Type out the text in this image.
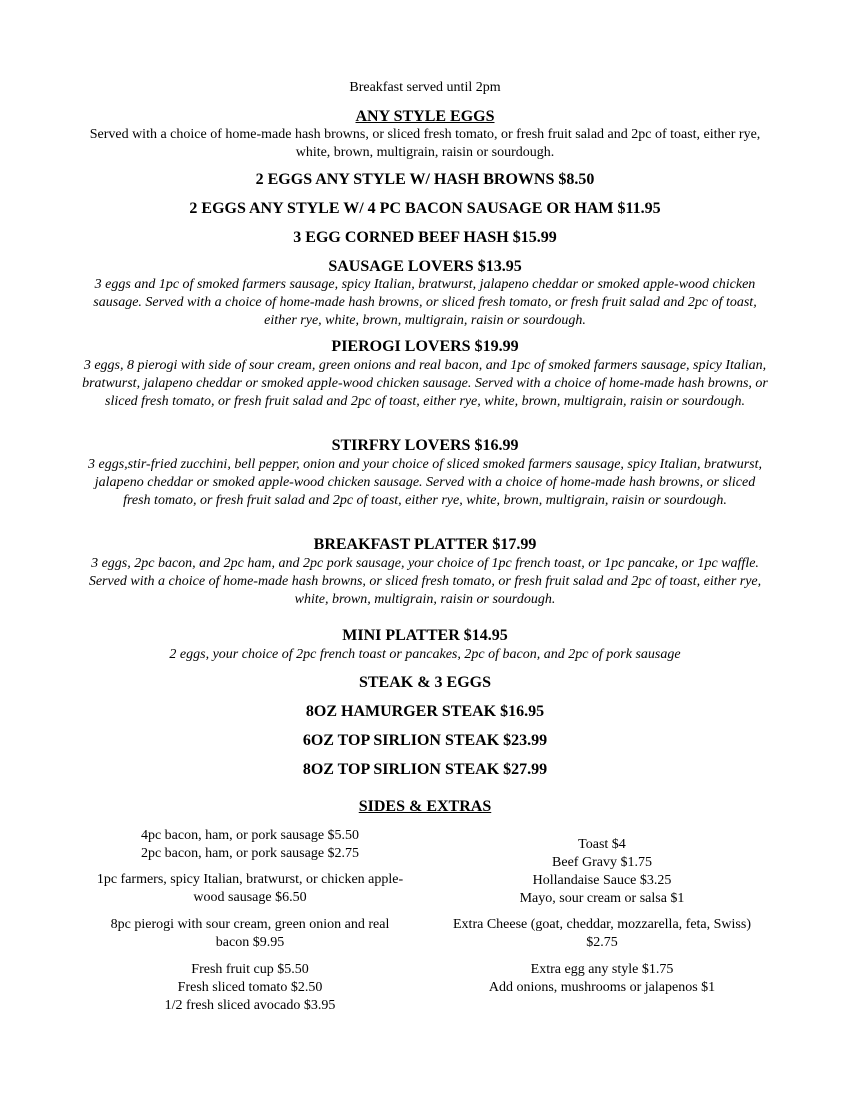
Breakfast served until 2pm
ANY STYLE EGGS
Served with a choice of home-made hash browns, or sliced fresh tomato, or fresh fruit salad and 2pc of toast, either rye, white, brown, multigrain, raisin or sourdough.
2 EGGS ANY STYLE W/ HASH BROWNS $8.50
2 EGGS ANY STYLE W/ 4 PC BACON SAUSAGE OR HAM $11.95
3 EGG CORNED BEEF HASH $15.99
SAUSAGE LOVERS $13.95
3 eggs and 1pc of smoked farmers sausage, spicy Italian, bratwurst, jalapeno cheddar or smoked apple-wood chicken sausage. Served with a choice of home-made hash browns, or sliced fresh tomato, or fresh fruit salad and 2pc of toast, either rye, white, brown, multigrain, raisin or sourdough.
PIEROGI LOVERS $19.99
3 eggs, 8 pierogi with side of sour cream, green onions and real bacon, and 1pc of smoked farmers sausage, spicy Italian, bratwurst, jalapeno cheddar or smoked apple-wood chicken sausage. Served with a choice of home-made hash browns, or sliced fresh tomato, or fresh fruit salad and 2pc of toast, either rye, white, brown, multigrain, raisin or sourdough.
STIRFRY LOVERS $16.99
3 eggs,stir-fried zucchini, bell pepper, onion and your choice of sliced smoked farmers sausage, spicy Italian, bratwurst, jalapeno cheddar or smoked apple-wood chicken sausage. Served with a choice of home-made hash browns, or sliced fresh tomato, or fresh fruit salad and 2pc of toast, either rye, white, brown, multigrain, raisin or sourdough.
BREAKFAST PLATTER $17.99
3 eggs, 2pc bacon, and 2pc ham, and 2pc pork sausage, your choice of 1pc french toast, or 1pc pancake, or 1pc waffle. Served with a choice of home-made hash browns, or sliced fresh tomato, or fresh fruit salad and 2pc of toast, either rye, white, brown, multigrain, raisin or sourdough.
MINI PLATTER $14.95
2 eggs, your choice of 2pc french toast or pancakes, 2pc of bacon, and 2pc of pork sausage
STEAK & 3 EGGS
8OZ HAMURGER STEAK $16.95
6OZ TOP SIRLION STEAK $23.99
8OZ TOP SIRLION STEAK $27.99
SIDES & EXTRAS
4pc bacon, ham, or pork sausage $5.50
2pc bacon, ham, or pork sausage $2.75
1pc farmers, spicy Italian, bratwurst, or chicken apple-
wood sausage $6.50
8pc pierogi with sour cream, green onion and real
bacon $9.95
Fresh fruit cup $5.50
Fresh sliced tomato $2.50
1/2 fresh sliced avocado $3.95
Toast $4
Beef Gravy $1.75
Hollandaise Sauce $3.25
Mayo, sour cream or salsa $1
Extra Cheese (goat, cheddar, mozzarella, feta, Swiss)
$2.75
Extra egg any style $1.75
Add onions, mushrooms or jalapenos $1
